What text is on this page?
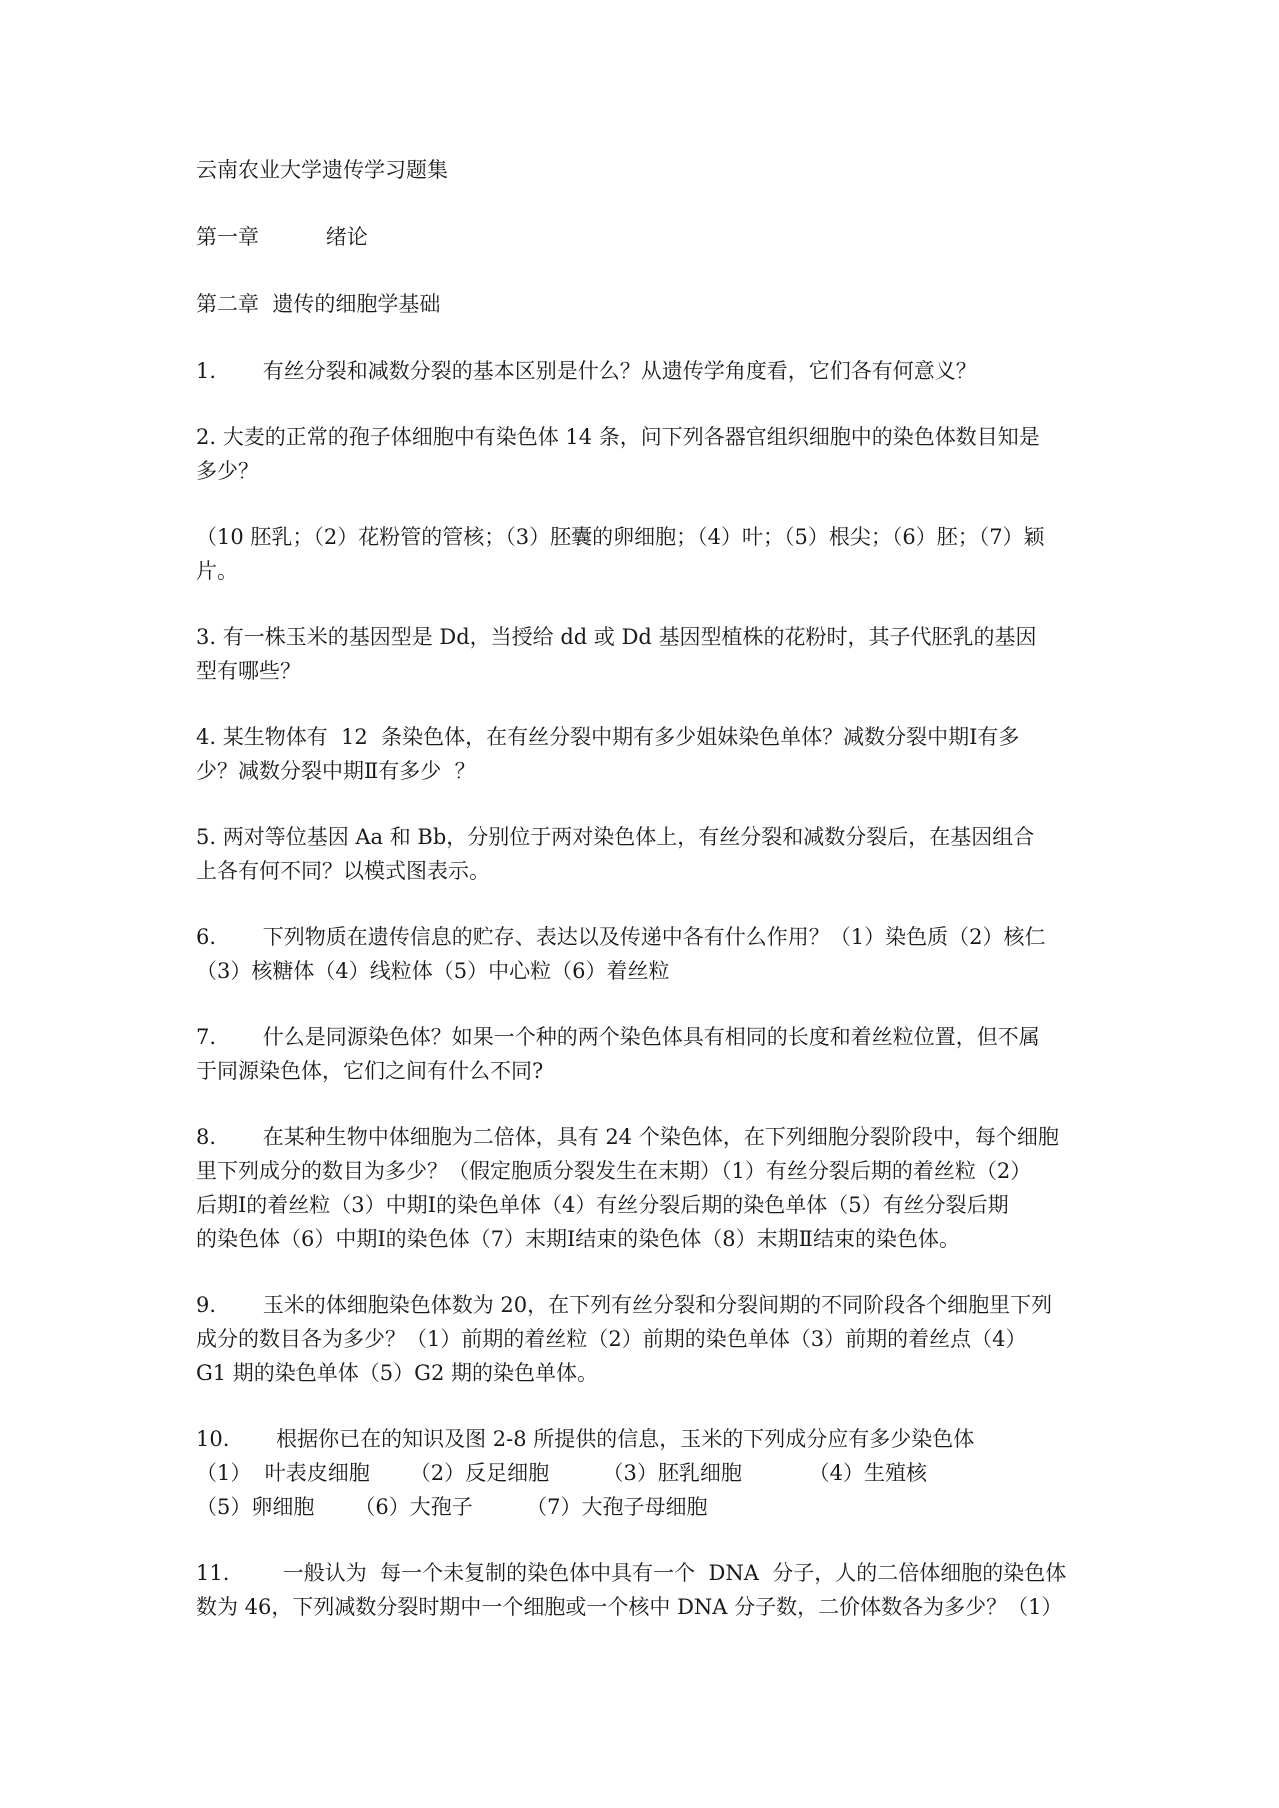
云南农业大学遗传学习题集
第一章          绪论
第二章  遗传的细胞学基础
1.       有丝分裂和减数分裂的基本区别是什么？从遗传学角度看，它们各有何意义？
2. 大麦的正常的孢子体细胞中有染色体 14 条，问下列各器官组织细胞中的染色体数目知是
多少？
（10 胚乳；（2）花粉管的管核；（3）胚囊的卵细胞；（4）叶；（5）根尖；（6）胚；（7）颖
片。
3. 有一株玉米的基因型是 Dd，当授给 dd 或 Dd 基因型植株的花粉时，其子代胚乳的基因
型有哪些？
4. 某生物体有  12  条染色体，在有丝分裂中期有多少姐妹染色单体？减数分裂中期Ⅰ有多
少？减数分裂中期Ⅱ有多少  ？
5. 两对等位基因 Aa 和 Bb，分别位于两对染色体上，有丝分裂和减数分裂后，在基因组合
上各有何不同？以模式图表示。
6.       下列物质在遗传信息的贮存、表达以及传递中各有什么作用？（1）染色质（2）核仁
（3）核糖体（4）线粒体（5）中心粒（6）着丝粒
7.       什么是同源染色体？如果一个种的两个染色体具有相同的长度和着丝粒位置，但不属
于同源染色体，它们之间有什么不同?
8.       在某种生物中体细胞为二倍体，具有 24 个染色体，在下列细胞分裂阶段中，每个细胞
里下列成分的数目为多少？（假定胞质分裂发生在末期）（1）有丝分裂后期的着丝粒（2）
后期Ⅰ的着丝粒（3）中期Ⅰ的染色单体（4）有丝分裂后期的染色单体（5）有丝分裂后期
的染色体（6）中期Ⅰ的染色体（7）末期Ⅰ结束的染色体（8）末期Ⅱ结束的染色体。
9.       玉米的体细胞染色体数为 20，在下列有丝分裂和分裂间期的不同阶段各个细胞里下列
成分的数目各为多少？（1）前期的着丝粒（2）前期的染色单体（3）前期的着丝点（4）
G1 期的染色单体（5）G2 期的染色单体。
10.       根据你已在的知识及图 2-8 所提供的信息，玉米的下列成分应有多少染色体
（1）  叶表皮细胞      （2）反足细胞        （3）胚乳细胞          （4）生殖核
（5）卵细胞      （6）大孢子        （7）大孢子母细胞
11.        一般认为  每一个未复制的染色体中具有一个  DNA  分子，人的二倍体细胞的染色体
数为 46，下列减数分裂时期中一个细胞或一个核中 DNA 分子数，二价体数各为多少？（1）
